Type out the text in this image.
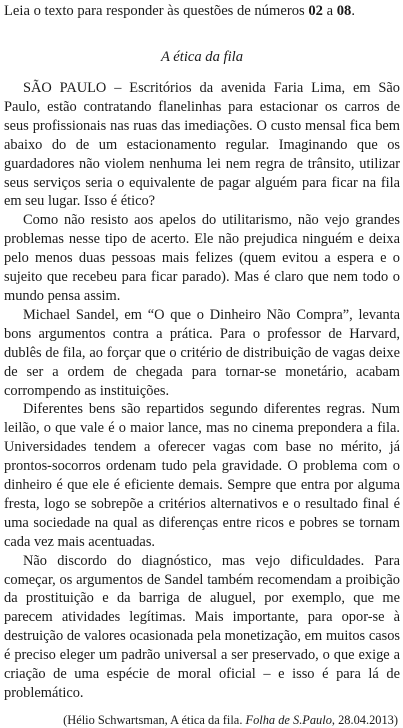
Leia o texto para responder às questões de números 02 a 08.

A ética da fila

SÃO PAULO – Escritórios da avenida Faria Lima, em São Paulo, estão contratando flanelinhas para estacionar os carros de seus profissionais nas ruas das imediações. O custo mensal fica bem abaixo do de um estacionamento regular. Imaginando que os guardadores não violem nenhuma lei nem regra de trânsito, utilizar seus serviços seria o equivalente de pagar alguém para ficar na fila em seu lugar. Isso é ético?

Como não resisto aos apelos do utilitarismo, não vejo grandes problemas nesse tipo de acerto. Ele não prejudica ninguém e deixa pelo menos duas pessoas mais felizes (quem evitou a espera e o sujeito que recebeu para ficar parado). Mas é claro que nem todo o mundo pensa assim.

Michael Sandel, em “O que o Dinheiro Não Compra”, levanta bons argumentos contra a prática. Para o professor de Harvard, dublês de fila, ao forçar que o critério de distribuição de vagas deixe de ser a ordem de chegada para tornar-se monetário, acabam corrompendo as instituições.

Diferentes bens são repartidos segundo diferentes regras. Num leilão, o que vale é o maior lance, mas no cinema prepondera a fila. Universidades tendem a oferecer vagas com base no mérito, já prontos-socorros ordenam tudo pela gravidade. O problema com o dinheiro é que ele é eficiente demais. Sempre que entra por alguma fresta, logo se sobrepõe a critérios alternativos e o resultado final é uma sociedade na qual as diferenças entre ricos e pobres se tornam cada vez mais acentuadas.

Não discordo do diagnóstico, mas vejo dificuldades. Para começar, os argumentos de Sandel também recomendam a proibição da prostituição e da barriga de aluguel, por exemplo, que me parecem atividades legítimas. Mais importante, para opor-se à destruição de valores ocasionada pela monetização, em muitos casos é preciso eleger um padrão universal a ser preservado, o que exige a criação de uma espécie de moral oficial – e isso é para lá de problemático.

(Hélio Schwartsman, A ética da fila. Folha de S.Paulo, 28.04.2013)
